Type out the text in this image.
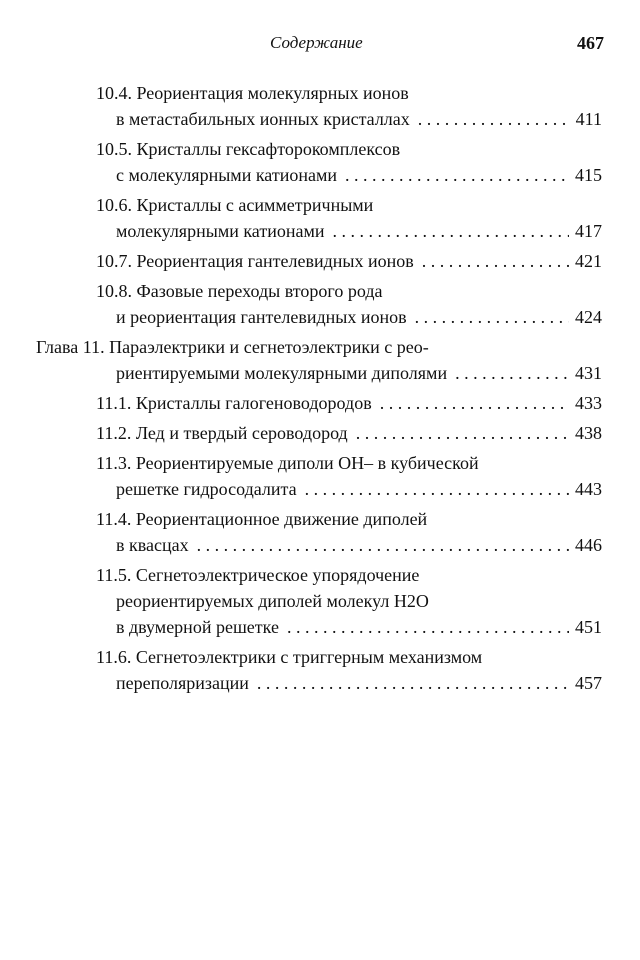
Содержание	467
10.4. Реориентация молекулярных ионов
в метастабильных ионных кристаллах . . .	411
10.5. Кристаллы гексафторокомплексов
с молекулярными катионами . . .	415
10.6. Кристаллы с асимметричными
молекулярными катионами . . .	417
10.7. Реориентация гантелевидных ионов . . .	421
10.8. Фазовые переходы второго рода
и реориентация гантелевидных ионов . . .	424
Глава 11. Параэлектрики и сегнетоэлектрики с рео-
риентируемыми молекулярными диполями . . .	431
11.1. Кристаллы галогеноводородов . . .	433
11.2. Лед и твердый сероводород . . .	438
11.3. Реориентируемые диполи OH– в кубической
решетке гидросодалита . . .	443
11.4. Реориентационное движение диполей
в квасцах . . .	446
11.5. Сегнетоэлектрическое упорядочение
реориентируемых диполей молекул H2O
в двумерной решетке . . .	451
11.6. Сегнетоэлектрики с триггерным механизмом
переполяризации . . .	457
